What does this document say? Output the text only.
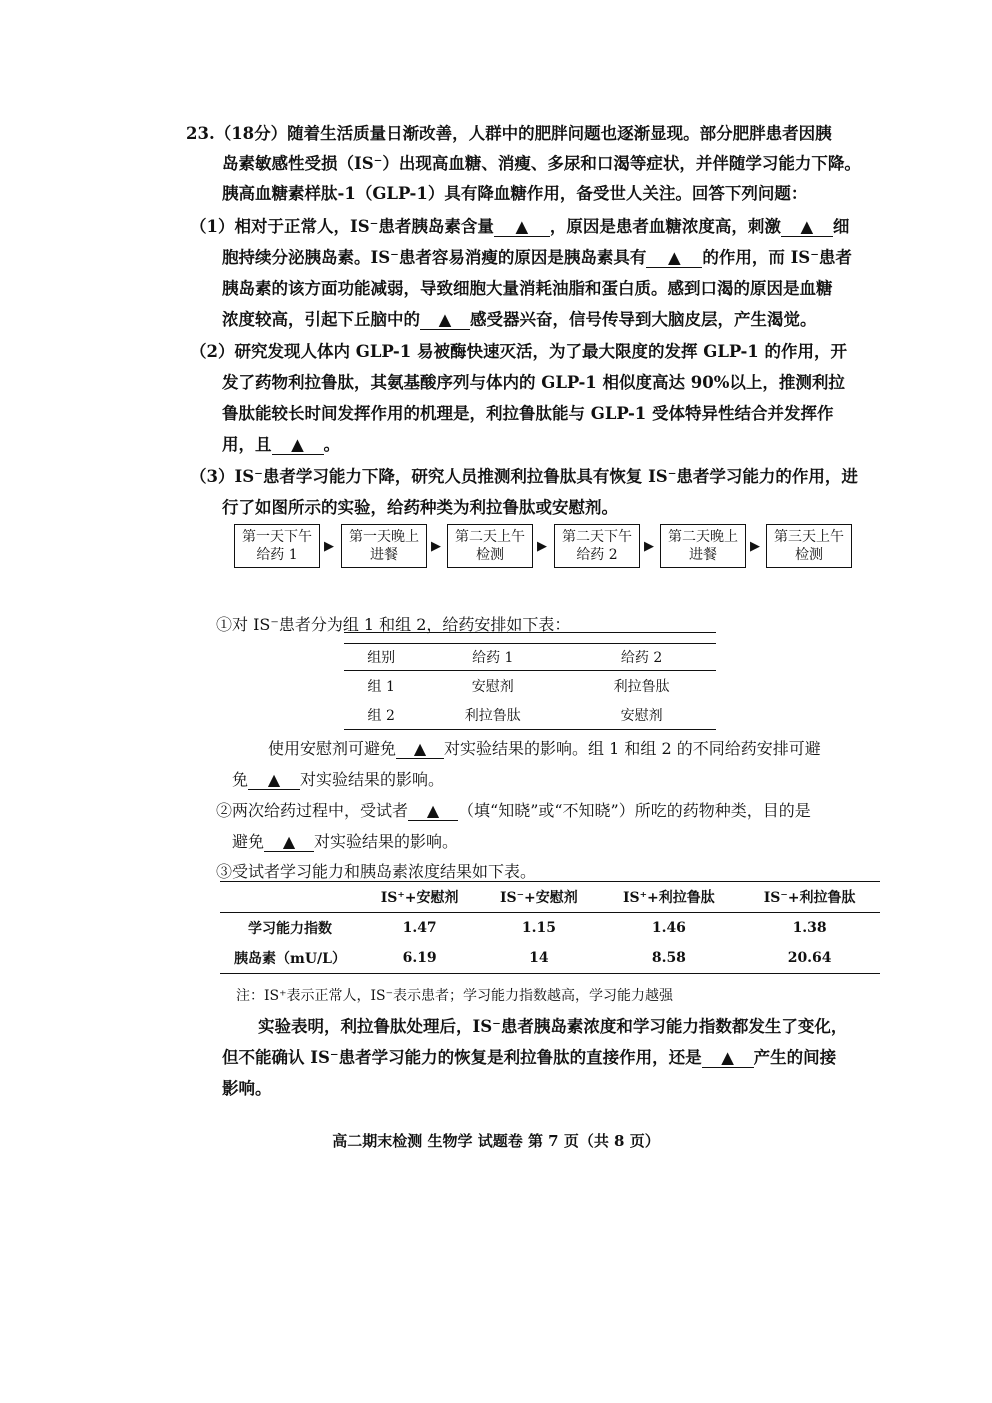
23.（18分）随着生活质量日渐改善，人群中的肥胖问题也逐渐显现。部分肥胖患者因胰
岛素敏感性受损（IS⁻）出现高血糖、消瘦、多尿和口渴等症状，并伴随学习能力下降。
胰高血糖素样肽-1（GLP-1）具有降血糖作用，备受世人关注。回答下列问题：
（1）相对于正常人，IS⁻患者胰岛素含量 ▲ ，原因是患者血糖浓度高，刺激 ▲ 细
胞持续分泌胰岛素。IS⁻患者容易消瘦的原因是胰岛素具有 ▲ 的作用，而 IS⁻患者
胰岛素的该方面功能减弱，导致细胞大量消耗油脂和蛋白质。感到口渴的原因是血糖
浓度较高，引起下丘脑中的 ▲ 感受器兴奋，信号传导到大脑皮层，产生渴觉。
（2）研究发现人体内 GLP-1 易被酶快速灭活，为了最大限度的发挥 GLP-1 的作用，开
发了药物利拉鲁肽，其氨基酸序列与体内的 GLP-1 相似度高达 90%以上，推测利拉
鲁肽能较长时间发挥作用的机理是，利拉鲁肽能与 GLP-1 受体特异性结合并发挥作
用，且 ▲ 。
（3）IS⁻患者学习能力下降，研究人员推测利拉鲁肽具有恢复 IS⁻患者学习能力的作用，进
行了如图所示的实验，给药种类为利拉鲁肽或安慰剂。
第一天下午
给药 1
▶
第一天晚上
进餐
▶
第二天上午
检测
▶
第二天下午
给药 2
▶
第二天晚上
进餐
▶
第三天上午
检测
①对 IS⁻患者分为组 1 和组 2，给药安排如下表：
组别	给药 1	给药 2
组 1	安慰剂	利拉鲁肽
组 2	利拉鲁肽	安慰剂
使用安慰剂可避免 ▲ 对实验结果的影响。组 1 和组 2 的不同给药安排可避
免 ▲ 对实验结果的影响。
②两次给药过程中，受试者 ▲ （填“知晓”或“不知晓”）所吃的药物种类，目的是
避免 ▲ 对实验结果的影响。
③受试者学习能力和胰岛素浓度结果如下表。
	IS⁺+安慰剂	IS⁻+安慰剂	IS⁺+利拉鲁肽	IS⁻+利拉鲁肽
学习能力指数	1.47	1.15	1.46	1.38
胰岛素（mU/L）	6.19	14	8.58	20.64
注：IS⁺表示正常人，IS⁻表示患者；学习能力指数越高，学习能力越强
实验表明，利拉鲁肽处理后，IS⁻患者胰岛素浓度和学习能力指数都发生了变化，
但不能确认 IS⁻患者学习能力的恢复是利拉鲁肽的直接作用，还是 ▲ 产生的间接
影响。
高二期末检测 生物学 试题卷 第 7 页（共 8 页）
